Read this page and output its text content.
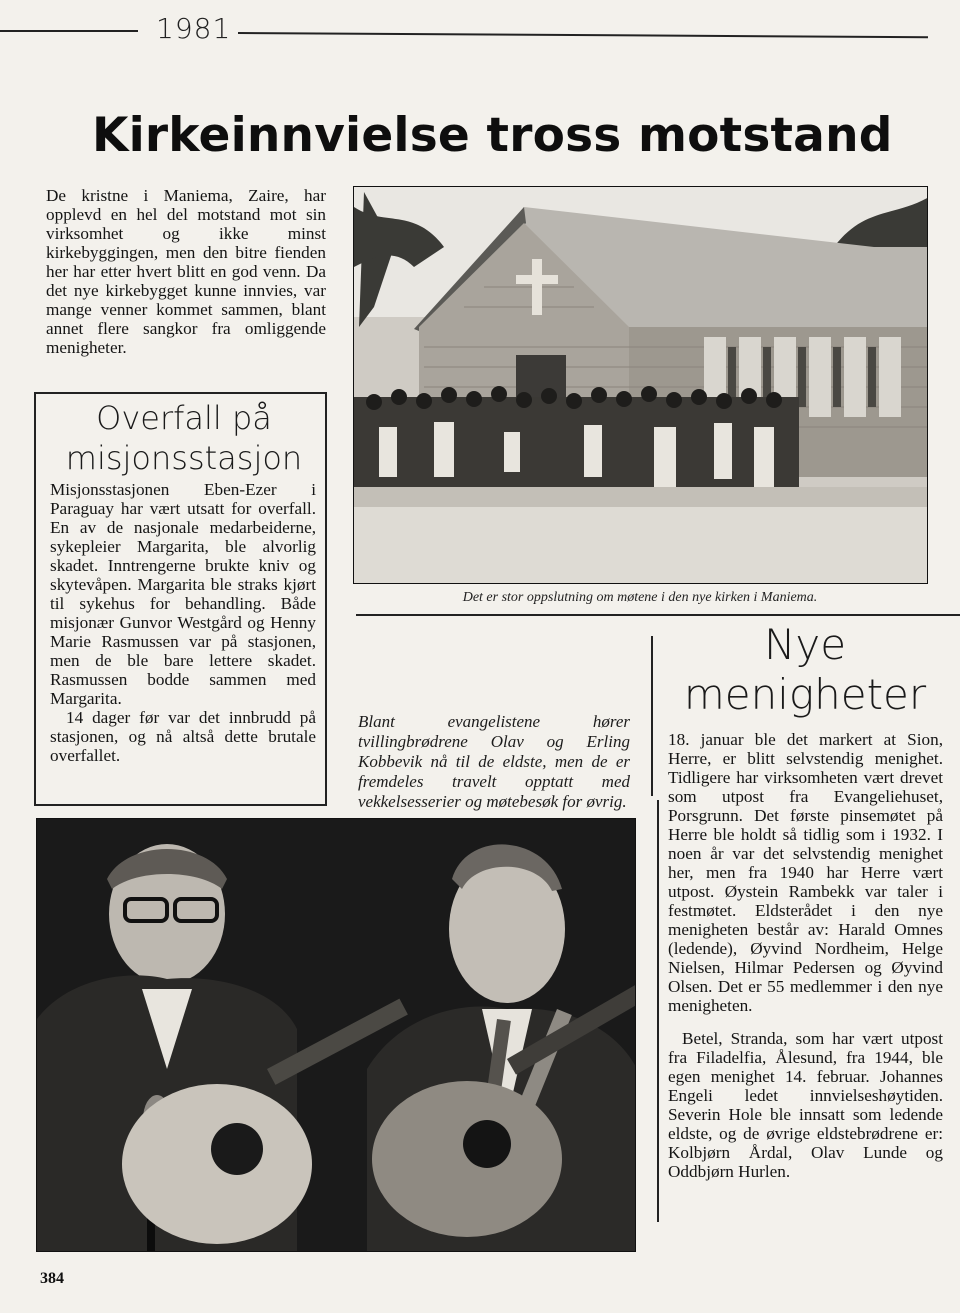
1981
Kirkeinnvielse tross motstand
De kristne i Maniema, Zaire, har opplevd en hel del motstand mot sin virksomhet og ikke minst kirkebyggingen, men den bitre fienden her har etter hvert blitt en god venn. Da det nye kirkebygget kunne innvies, var mange venner kommet sammen, blant annet flere sangkor fra omliggende menigheter.
Overfall på misjonsstasjon

Misjonsstasjonen Eben-Ezer i Paraguay har vært utsatt for overfall. En av de nasjonale medarbeiderne, sykepleier Margarita, ble alvorlig skadet. Inntrengerne brukte kniv og skytevåpen. Margarita ble straks kjørt til sykehus for behandling. Både misjonær Gunvor Westgård og Henny Marie Rasmussen var på stasjonen, men de ble bare lettere skadet. Rasmussen bodde sammen med Margarita.

14 dager før var det innbrudd på stasjonen, og nå altså dette brutale overfallet.

Det er stor oppslutning om møtene i den nye kirken i Maniema.
Blant evangelistene hører tvillingbrødrene Olav og Erling Kobbevik nå til de eldste, men de er fremdeles travelt opptatt med vekkelsesserier og møtebesøk for øvrig.
Nye menigheter

18. januar ble det markert at Sion, Herre, er blitt selvstendig menighet. Tidligere har virksomheten vært drevet som utpost fra Evangeliehuset, Porsgrunn. Det første pinsemøtet på Herre ble holdt så tidlig som i 1932. I noen år var det selvstendig menighet her, men fra 1940 har Herre vært utpost. Øystein Rambekk var taler i festmøtet. Eldsterådet i den nye menigheten består av: Harald Omnes (ledende), Øyvind Nordheim, Helge Nielsen, Hilmar Pedersen og Øyvind Olsen. Det er 55 medlemmer i den nye menigheten.

Betel, Stranda, som har vært utpost fra Filadelfia, Ålesund, fra 1944, ble egen menighet 14. februar. Johannes Engeli ledet innvielseshøytiden. Severin Hole ble innsatt som ledende eldste, og de øvrige eldstebrødrene er: Kolbjørn Årdal, Olav Lunde og Oddbjørn Hurlen.

384
